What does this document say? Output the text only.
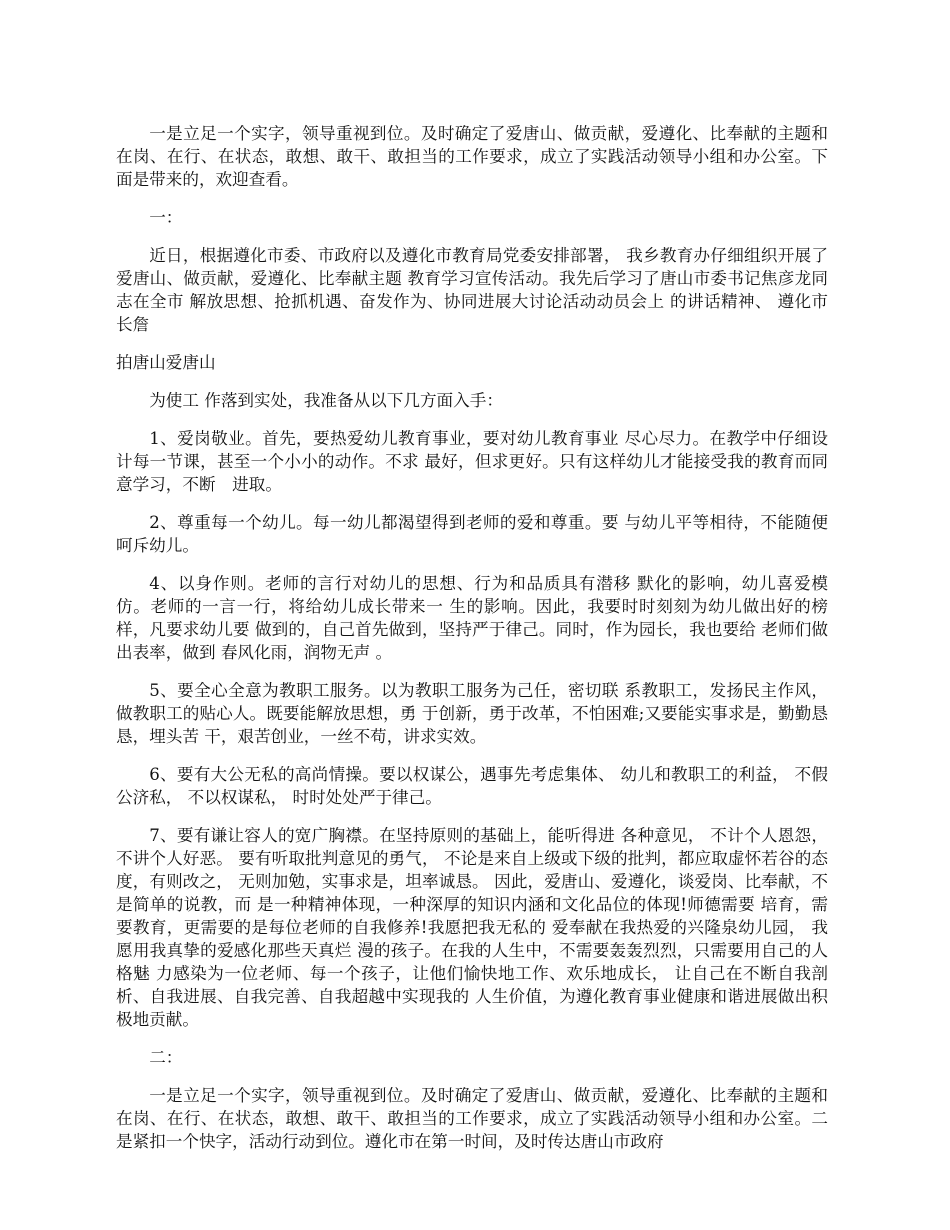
一是立足一个实字，领导重视到位。及时确定了爱唐山、做贡献，爱遵化、比奉献的主题和在岗、在行、在状态，敢想、敢干、敢担当的工作要求，成立了实践活动领导小组和办公室。下面是带来的，欢迎查看。

一：

近日，根据遵化市委、市政府以及遵化市教育局党委安排部署， 我乡教育办仔细组织开展了爱唐山、做贡献，爱遵化、比奉献主题 教育学习宣传活动。我先后学习了唐山市委书记焦彦龙同志在全市 解放思想、抢抓机遇、奋发作为、协同进展大讨论活动动员会上 的讲话精神、 遵化市长詹

拍唐山爱唐山

为使工 作落到实处，我准备从以下几方面入手：

1、爱岗敬业。首先，要热爱幼儿教育事业，要对幼儿教育事业 尽心尽力。在教学中仔细设计每一节课，甚至一个小小的动作。不求 最好，但求更好。只有这样幼儿才能接受我的教育而同意学习，不断　进取。

2、尊重每一个幼儿。每一幼儿都渴望得到老师的爱和尊重。要 与幼儿平等相待，不能随便呵斥幼儿。

4、以身作则。老师的言行对幼儿的思想、行为和品质具有潜移 默化的影响，幼儿喜爱模仿。老师的一言一行，将给幼儿成长带来一 生的影响。因此，我要时时刻刻为幼儿做出好的榜样，凡要求幼儿要 做到的，自己首先做到，坚持严于律己。同时，作为园长，我也要给 老师们做出表率，做到 春风化雨，润物无声 。

5、要全心全意为教职工服务。以为教职工服务为己任，密切联 系教职工，发扬民主作风，做教职工的贴心人。既要能解放思想，勇 于创新，勇于改革，不怕困难;又要能实事求是，勤勤恳恳，埋头苦 干，艰苦创业，一丝不苟，讲求实效。

6、要有大公无私的高尚情操。要以权谋公，遇事先考虑集体、 幼儿和教职工的利益， 不假公济私， 不以权谋私， 时时处处严于律己。

7、要有谦让容人的宽广胸襟。在坚持原则的基础上，能听得进 各种意见， 不计个人恩怨， 不讲个人好恶。 要有听取批判意见的勇气， 不论是来自上级或下级的批判，都应取虚怀若谷的态度，有则改之， 无则加勉，实事求是，坦率诚恳。 因此，爱唐山、爱遵化，谈爱岗、比奉献，不是简单的说教，而 是一种精神体现，一种深厚的知识内涵和文化品位的体现!师德需要 培育，需要教育，更需要的是每位老师的自我修养!我愿把我无私的 爱奉献在我热爱的兴隆泉幼儿园， 我愿用我真挚的爱感化那些天真烂 漫的孩子。在我的人生中，不需要轰轰烈烈，只需要用自己的人格魅 力感染为一位老师、每一个孩子，让他们愉快地工作、欢乐地成长， 让自己在不断自我剖析、自我进展、自我完善、自我超越中实现我的 人生价值，为遵化教育事业健康和谐进展做出积极地贡献。

二：

一是立足一个实字，领导重视到位。及时确定了爱唐山、做贡献，爱遵化、比奉献的主题和在岗、在行、在状态，敢想、敢干、敢担当的工作要求，成立了实践活动领导小组和办公室。二是紧扣一个快字，活动行动到位。遵化市在第一时间，及时传达唐山市政府
